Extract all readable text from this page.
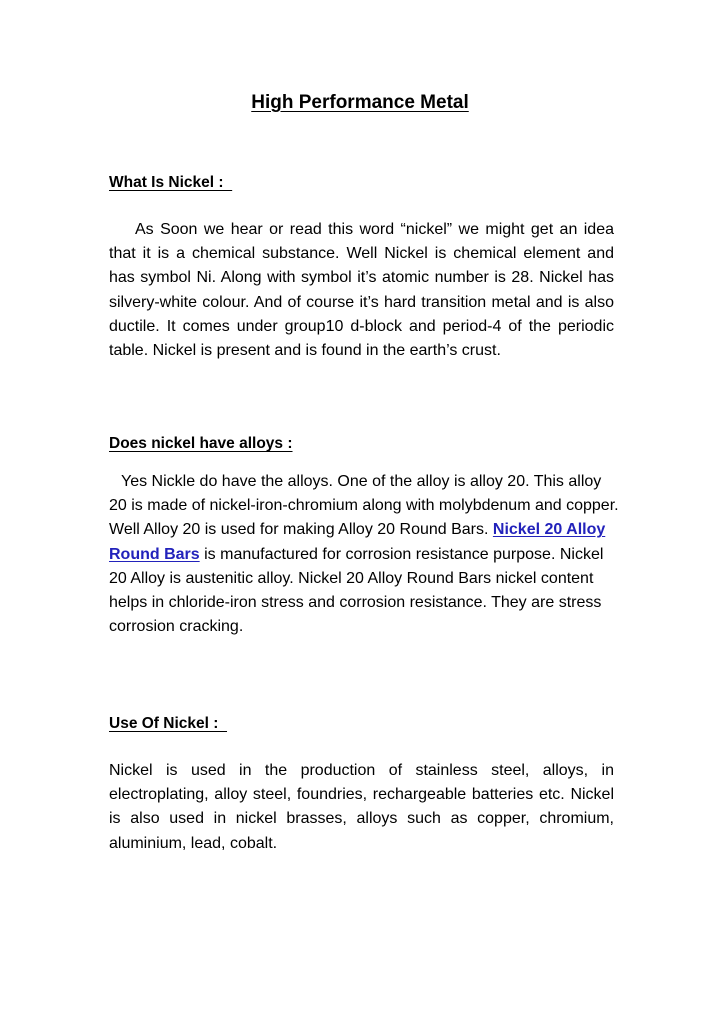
High Performance Metal
What Is Nickel :

As Soon we hear or read this word “nickel” we might get an idea that it is a chemical substance. Well Nickel is chemical element and has symbol Ni. Along with symbol it’s atomic number is 28. Nickel has silvery-white colour. And of course it’s hard transition metal and is also ductile. It comes under group10 d-block and period-4 of the periodic table. Nickel is present and is found in the earth’s crust.

Does nickel have alloys :

Yes Nickle do have the alloys. One of the alloy is alloy 20. This alloy 20 is made of nickel-iron-chromium along with molybdenum and copper. Well Alloy 20 is used for making Alloy 20 Round Bars. Nickel 20 Alloy Round Bars is manufactured for corrosion resistance purpose. Nickel 20 Alloy is austenitic alloy. Nickel 20 Alloy Round Bars nickel content helps in chloride-iron stress and corrosion resistance. They are stress corrosion cracking.

Use Of Nickel :

Nickel is used in the production of stainless steel, alloys, in electroplating, alloy steel, foundries, rechargeable batteries etc. Nickel is also used in nickel brasses, alloys such as copper, chromium, aluminium, lead, cobalt.
